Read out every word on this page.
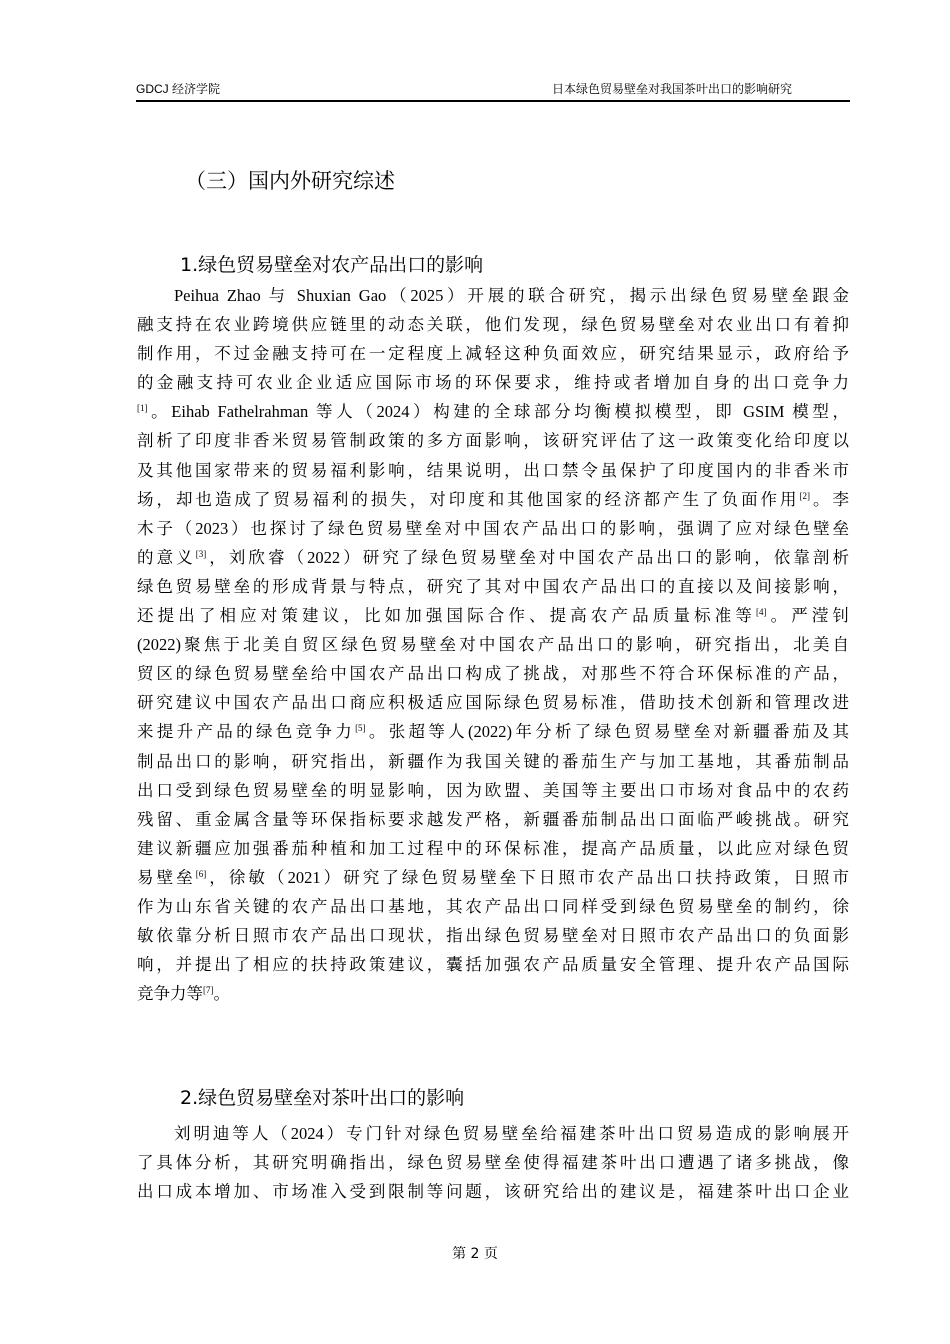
GDCJ 经济学院	日本绿色贸易壁垒对我国茶叶出口的影响研究
（三）国内外研究综述
1.绿色贸易壁垒对农产品出口的影响
Peihua Zhao 与 Shuxian Gao（2025）开展的联合研究，揭示出绿色贸易壁垒跟金
融支持在农业跨境供应链里的动态关联，他们发现，绿色贸易壁垒对农业出口有着抑
制作用，不过金融支持可在一定程度上减轻这种负面效应，研究结果显示，政府给予
的金融支持可农业企业适应国际市场的环保要求，维持或者增加自身的出口竞争力
[1]。Eihab Fathelrahman 等人（2024）构建的全球部分均衡模拟模型，即 GSIM 模型，
剖析了印度非香米贸易管制政策的多方面影响，该研究评估了这一政策变化给印度以
及其他国家带来的贸易福利影响，结果说明，出口禁令虽保护了印度国内的非香米市
场，却也造成了贸易福利的损失，对印度和其他国家的经济都产生了负面作用[2]。李
木子（2023）也探讨了绿色贸易壁垒对中国农产品出口的影响，强调了应对绿色壁垒
的意义[3]，刘欣睿（2022）研究了绿色贸易壁垒对中国农产品出口的影响，依靠剖析
绿色贸易壁垒的形成背景与特点，研究了其对中国农产品出口的直接以及间接影响，
还提出了相应对策建议，比如加强国际合作、提高农产品质量标准等[4]。严滢钊
(2022)聚焦于北美自贸区绿色贸易壁垒对中国农产品出口的影响，研究指出，北美自
贸区的绿色贸易壁垒给中国农产品出口构成了挑战，对那些不符合环保标准的产品，
研究建议中国农产品出口商应积极适应国际绿色贸易标准，借助技术创新和管理改进
来提升产品的绿色竞争力[5]。张超等人(2022)年分析了绿色贸易壁垒对新疆番茄及其
制品出口的影响，研究指出，新疆作为我国关键的番茄生产与加工基地，其番茄制品
出口受到绿色贸易壁垒的明显影响，因为欧盟、美国等主要出口市场对食品中的农药
残留、重金属含量等环保指标要求越发严格，新疆番茄制品出口面临严峻挑战。研究
建议新疆应加强番茄种植和加工过程中的环保标准，提高产品质量，以此应对绿色贸
易壁垒[6]，徐敏（2021）研究了绿色贸易壁垒下日照市农产品出口扶持政策，日照市
作为山东省关键的农产品出口基地，其农产品出口同样受到绿色贸易壁垒的制约，徐
敏依靠分析日照市农产品出口现状，指出绿色贸易壁垒对日照市农产品出口的负面影
响，并提出了相应的扶持政策建议，囊括加强农产品质量安全管理、提升农产品国际
竞争力等[7]。
2.绿色贸易壁垒对茶叶出口的影响
刘明迪等人（2024）专门针对绿色贸易壁垒给福建茶叶出口贸易造成的影响展开
了具体分析，其研究明确指出，绿色贸易壁垒使得福建茶叶出口遭遇了诸多挑战，像
出口成本增加、市场准入受到限制等问题，该研究给出的建议是，福建茶叶出口企业
第 2 页
